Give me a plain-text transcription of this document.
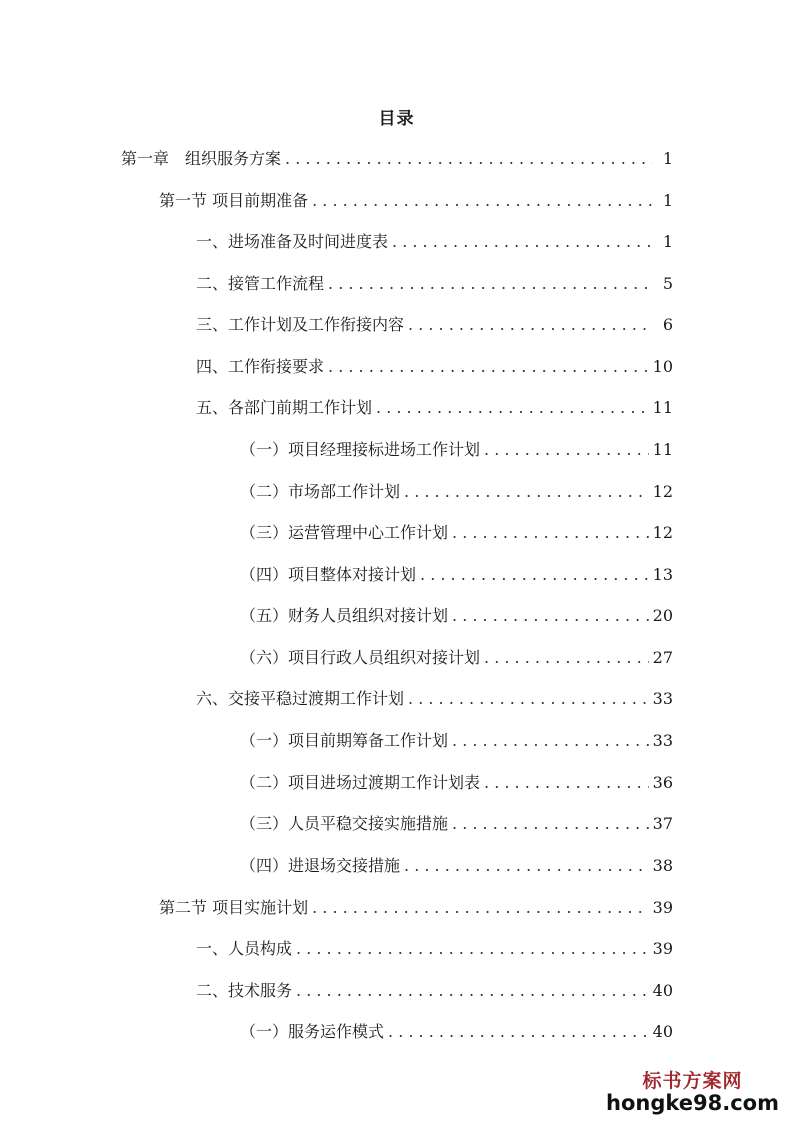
目录
第一章　组织服务方案 . . .	1
第一节 项目前期准备 . . .	1
一、进场准备及时间进度表 . . .	1
二、接管工作流程 . . .	5
三、工作计划及工作衔接内容 . . .	6
四、工作衔接要求 . . .	10
五、各部门前期工作计划 . . .	11
（一）项目经理接标进场工作计划 . . .	11
（二）市场部工作计划 . . .	12
（三）运营管理中心工作计划 . . .	12
（四）项目整体对接计划 . . .	13
（五）财务人员组织对接计划 . . .	20
（六）项目行政人员组织对接计划 . . .	27
六、交接平稳过渡期工作计划 . . .	33
（一）项目前期筹备工作计划 . . .	33
（二）项目进场过渡期工作计划表 . . .	36
（三）人员平稳交接实施措施 . . .	37
（四）进退场交接措施 . . .	38
第二节 项目实施计划 . . .	39
一、人员构成 . . .	39
二、技术服务 . . .	40
（一）服务运作模式 . . .	40
标书方案网
hongke98.com
